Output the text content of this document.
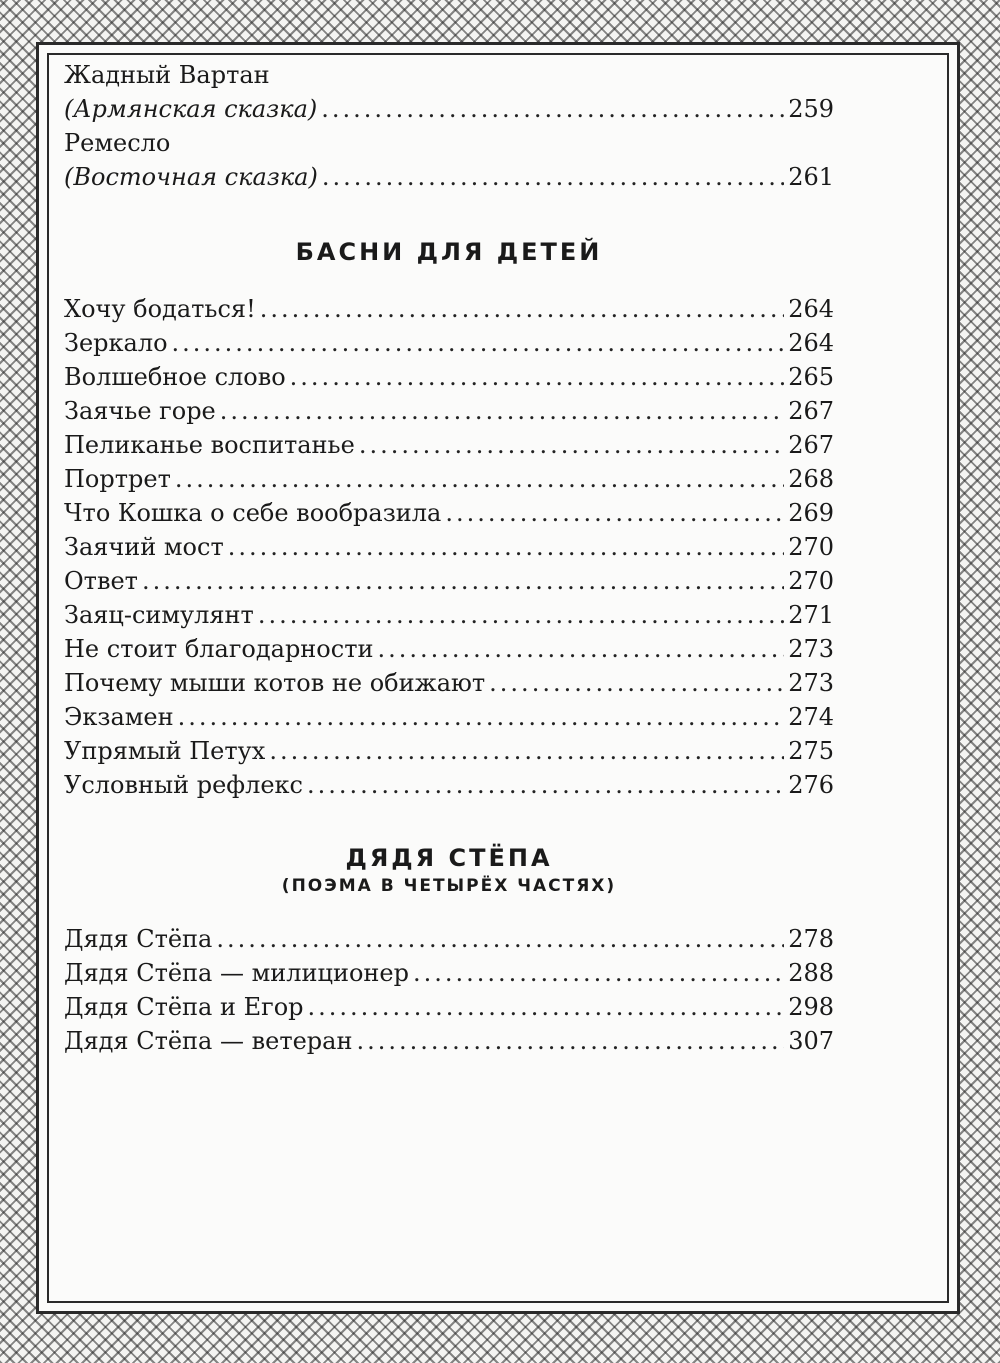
Жадный Вартан
(Армянская сказка) .....	259
Ремесло
(Восточная сказка) .....	261
БАСНИ ДЛЯ ДЕТЕЙ
Хочу бодаться! .....	264
Зеркало .....	264
Волшебное слово .....	265
Заячье горе .....	267
Пеликанье воспитанье .....	267
Портрет .....	268
Что Кошка о себе вообразила .....	269
Заячий мост .....	270
Ответ .....	270
Заяц-симулянт .....	271
Не стоит благодарности .....	273
Почему мыши котов не обижают .....	273
Экзамен .....	274
Упрямый Петух .....	275
Условный рефлекс .....	276
ДЯДЯ СТЁПА
(ПОЭМА В ЧЕТЫРЁХ ЧАСТЯХ)
Дядя Стёпа .....	278
Дядя Стёпа — милиционер .....	288
Дядя Стёпа и Егор .....	298
Дядя Стёпа — ветеран .....	307
